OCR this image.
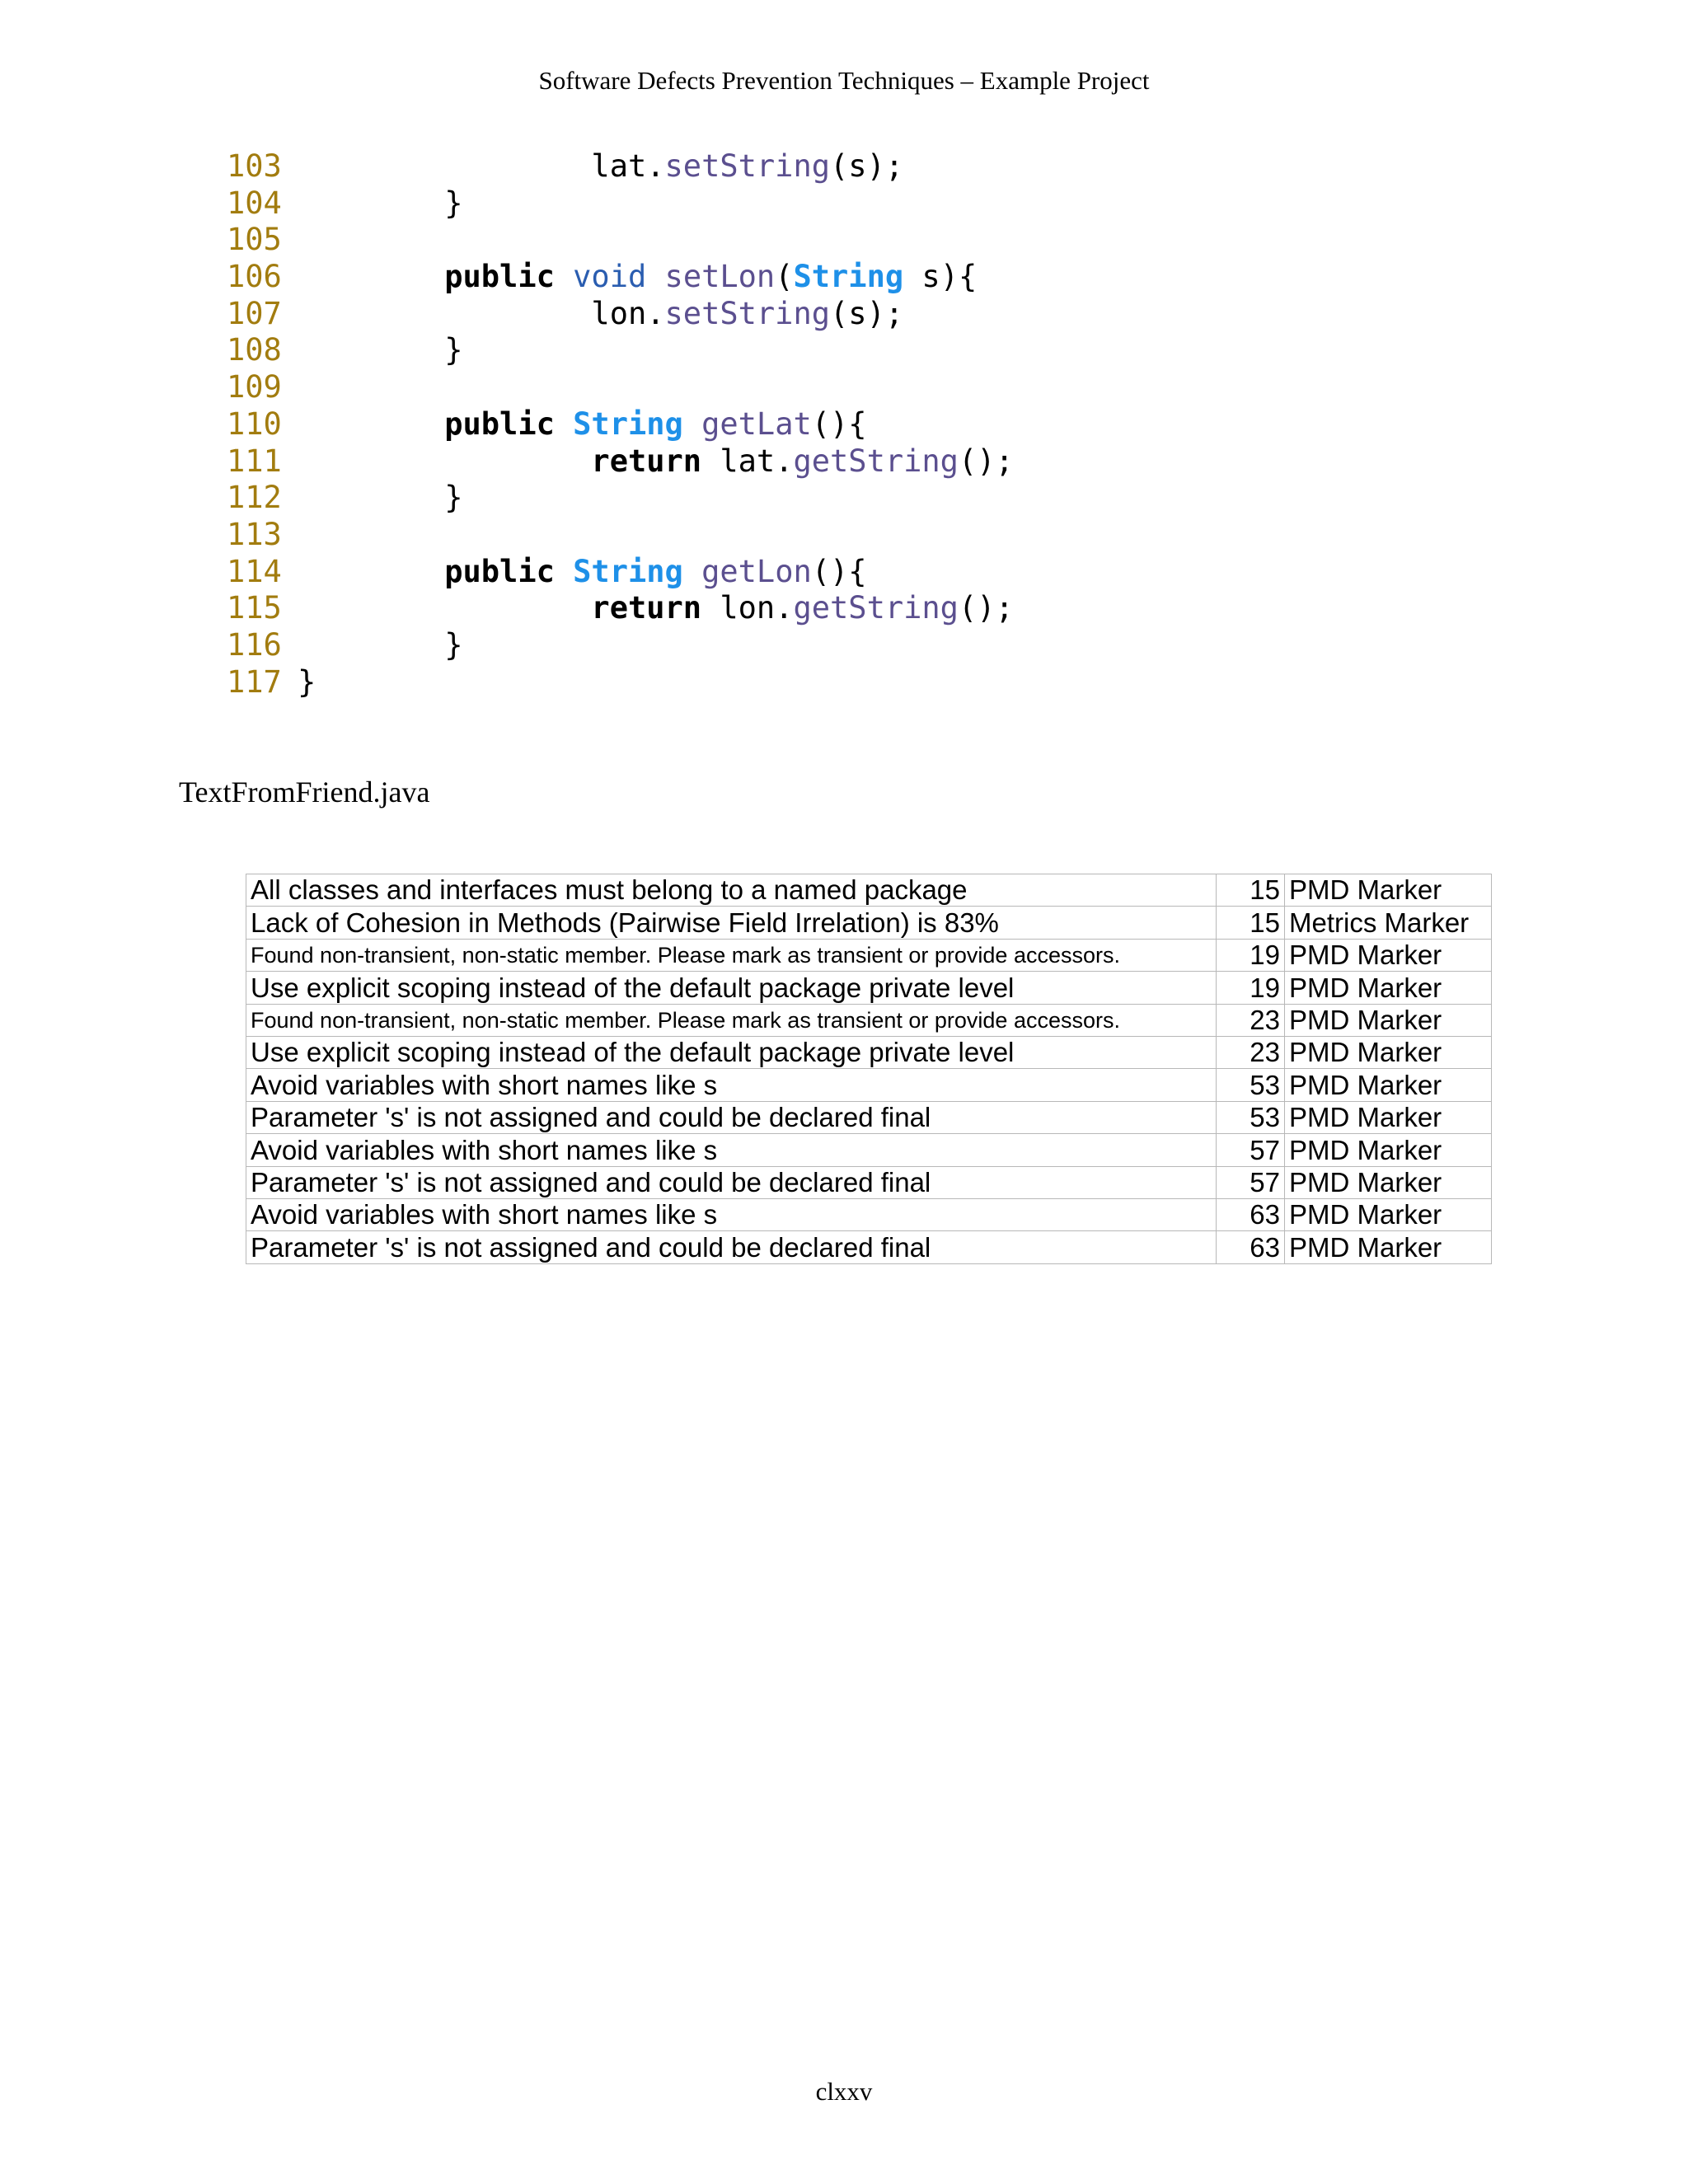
Software Defects Prevention Techniques – Example Project
103	lat.setString(s);
104	}
105
106	public void setLon(String s){
107	lon.setString(s);
108	}
109
110	public String getLat(){
111	return lat.getString();
112	}
113
114	public String getLon(){
115	return lon.getString();
116	}
117 }
TextFromFriend.java
All classes and interfaces must belong to a named package	15	PMD Marker
Lack of Cohesion in Methods (Pairwise Field Irrelation) is 83%	15	Metrics Marker
Found non-transient, non-static member. Please mark as transient or provide accessors.	19	PMD Marker
Use explicit scoping instead of the default package private level	19	PMD Marker
Found non-transient, non-static member. Please mark as transient or provide accessors.	23	PMD Marker
Use explicit scoping instead of the default package private level	23	PMD Marker
Avoid variables with short names like s	53	PMD Marker
Parameter 's' is not assigned and could be declared final	53	PMD Marker
Avoid variables with short names like s	57	PMD Marker
Parameter 's' is not assigned and could be declared final	57	PMD Marker
Avoid variables with short names like s	63	PMD Marker
Parameter 's' is not assigned and could be declared final	63	PMD Marker
clxxv
